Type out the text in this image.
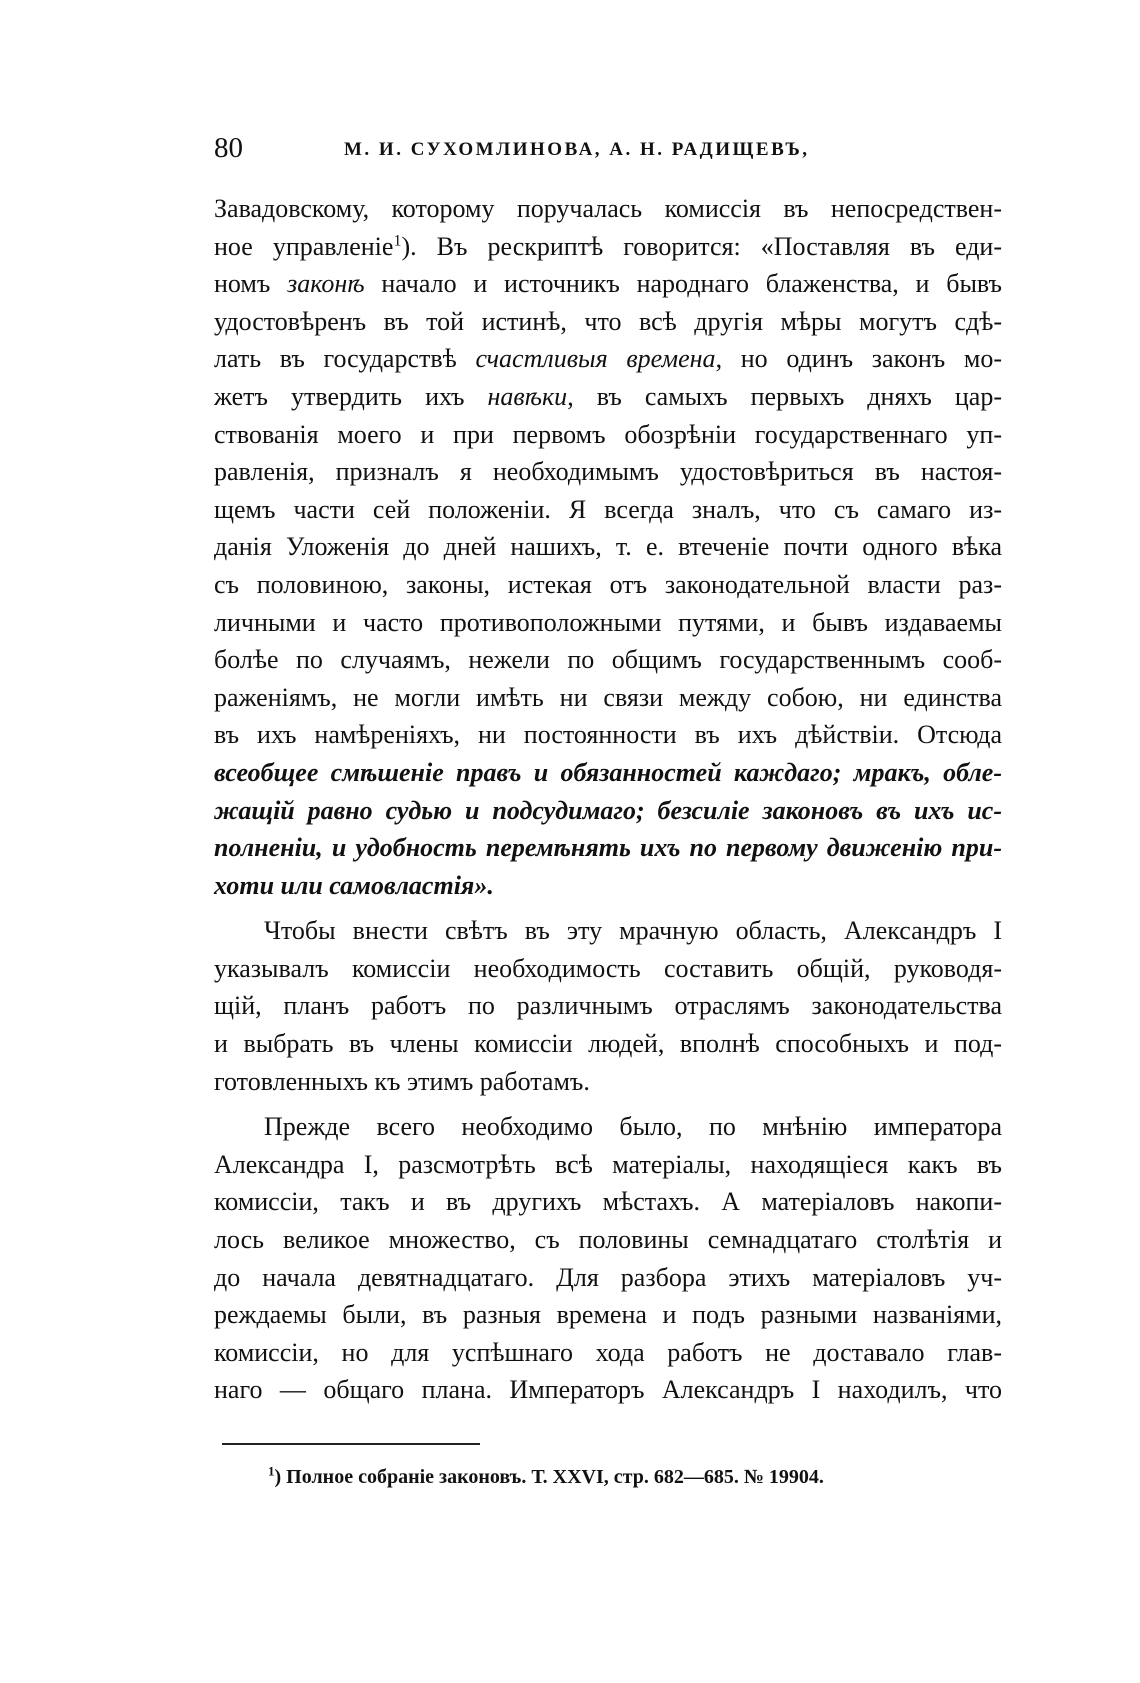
80	М. И. СУХОМЛИНОВА, А. Н. РАДИЩЕВЪ,
Завадовскому, которому поручалась комиссія въ непосредствен-
ное управленіе$^1$). Въ рескриптѣ говорится: «Поставляя въ еди-
номъ законѣ начало и источникъ народнаго блаженства, и бывъ
удостовѣренъ въ той истинѣ, что всѣ другія мѣры могутъ сдѣ-
лать въ государствѣ счастливыя времена, но одинъ законъ мо-
жетъ утвердить ихъ навѣки, въ самыхъ первыхъ дняхъ цар-
ствованія моего и при первомъ обозрѣніи государственнаго уп-
равленія, призналъ я необходимымъ удостовѣриться въ настоя-
щемъ части сей положеніи. Я всегда зналъ, что съ самаго из-
данія Уложенія до дней нашихъ, т. е. втеченіе почти одного вѣка
съ половиною, законы, истекая отъ законодательной власти раз-
личными и часто противоположными путями, и бывъ издаваемы
болѣе по случаямъ, нежели по общимъ государственнымъ сооб-
раженіямъ, не могли имѣть ни связи между собою, ни единства
въ ихъ намѣреніяхъ, ни постоянности въ ихъ дѣйствіи. Отсюда
всеобщее смѣшеніе правъ и обязанностей каждаго; мракъ, обле-
жащій равно судью и подсудимаго; безсиліе законовъ въ ихъ ис-
полненіи, и удобность перемѣнять ихъ по первому движенію при-
хоти или самовластія».
Чтобы внести свѣтъ въ эту мрачную область, Александръ I
указывалъ комиссіи необходимость составить общій, руководя-
щій, планъ работъ по различнымъ отраслямъ законодательства
и выбрать въ члены комиссіи людей, вполнѣ способныхъ и под-
готовленныхъ къ этимъ работамъ.
Прежде всего необходимо было, по мнѣнію императора
Александра I, разсмотрѣть всѣ матеріалы, находящіеся какъ въ
комиссіи, такъ и въ другихъ мѣстахъ. А матеріаловъ накопи-
лось великое множество, съ половины семнадцатаго столѣтія и
до начала девятнадцатаго. Для разбора этихъ матеріаловъ уч-
реждаемы были, въ разныя времена и подъ разными названіями,
комиссіи, но для успѣшнаго хода работъ не доставало глав-
наго — общаго плана. Императоръ Александръ I находилъ, что
$^1$) Полное собраніе законовъ. Т. XXVI, стр. 682—685. № 19904.
